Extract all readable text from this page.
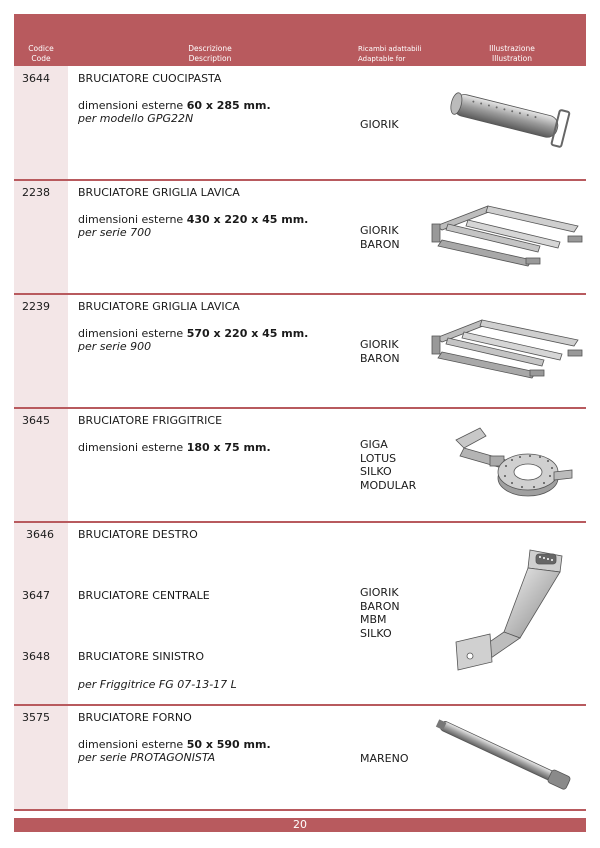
Codice
Code
Descrizione
Description
Ricambi adattabili
Adaptable for
Illustrazione
Illustration
3644	BRUCIATORE CUOCIPASTA
dimensioni esterne 60 x 285 mm.
per modello GPG22N	GIORIK
2238	BRUCIATORE GRIGLIA LAVICA
dimensioni esterne 430 x 220 x 45 mm.
per serie 700	GIORIK
BARON
2239	BRUCIATORE GRIGLIA LAVICA
dimensioni esterne 570 x 220 x 45 mm.
per serie 900	GIORIK
BARON
3645	BRUCIATORE FRIGGITRICE
dimensioni esterne 180 x 75 mm.	GIGA
LOTUS
SILKO
MODULAR
3646 BRUCIATORE DESTRO
3647	BRUCIATORE CENTRALE
3648	BRUCIATORE SINISTRO
per Friggitrice FG 07-13-17 L
GIORIK
BARON
MBM
SILKO
3575	BRUCIATORE FORNO
dimensioni esterne 50 x 590 mm.
per serie PROTAGONISTA	MARENO
20
